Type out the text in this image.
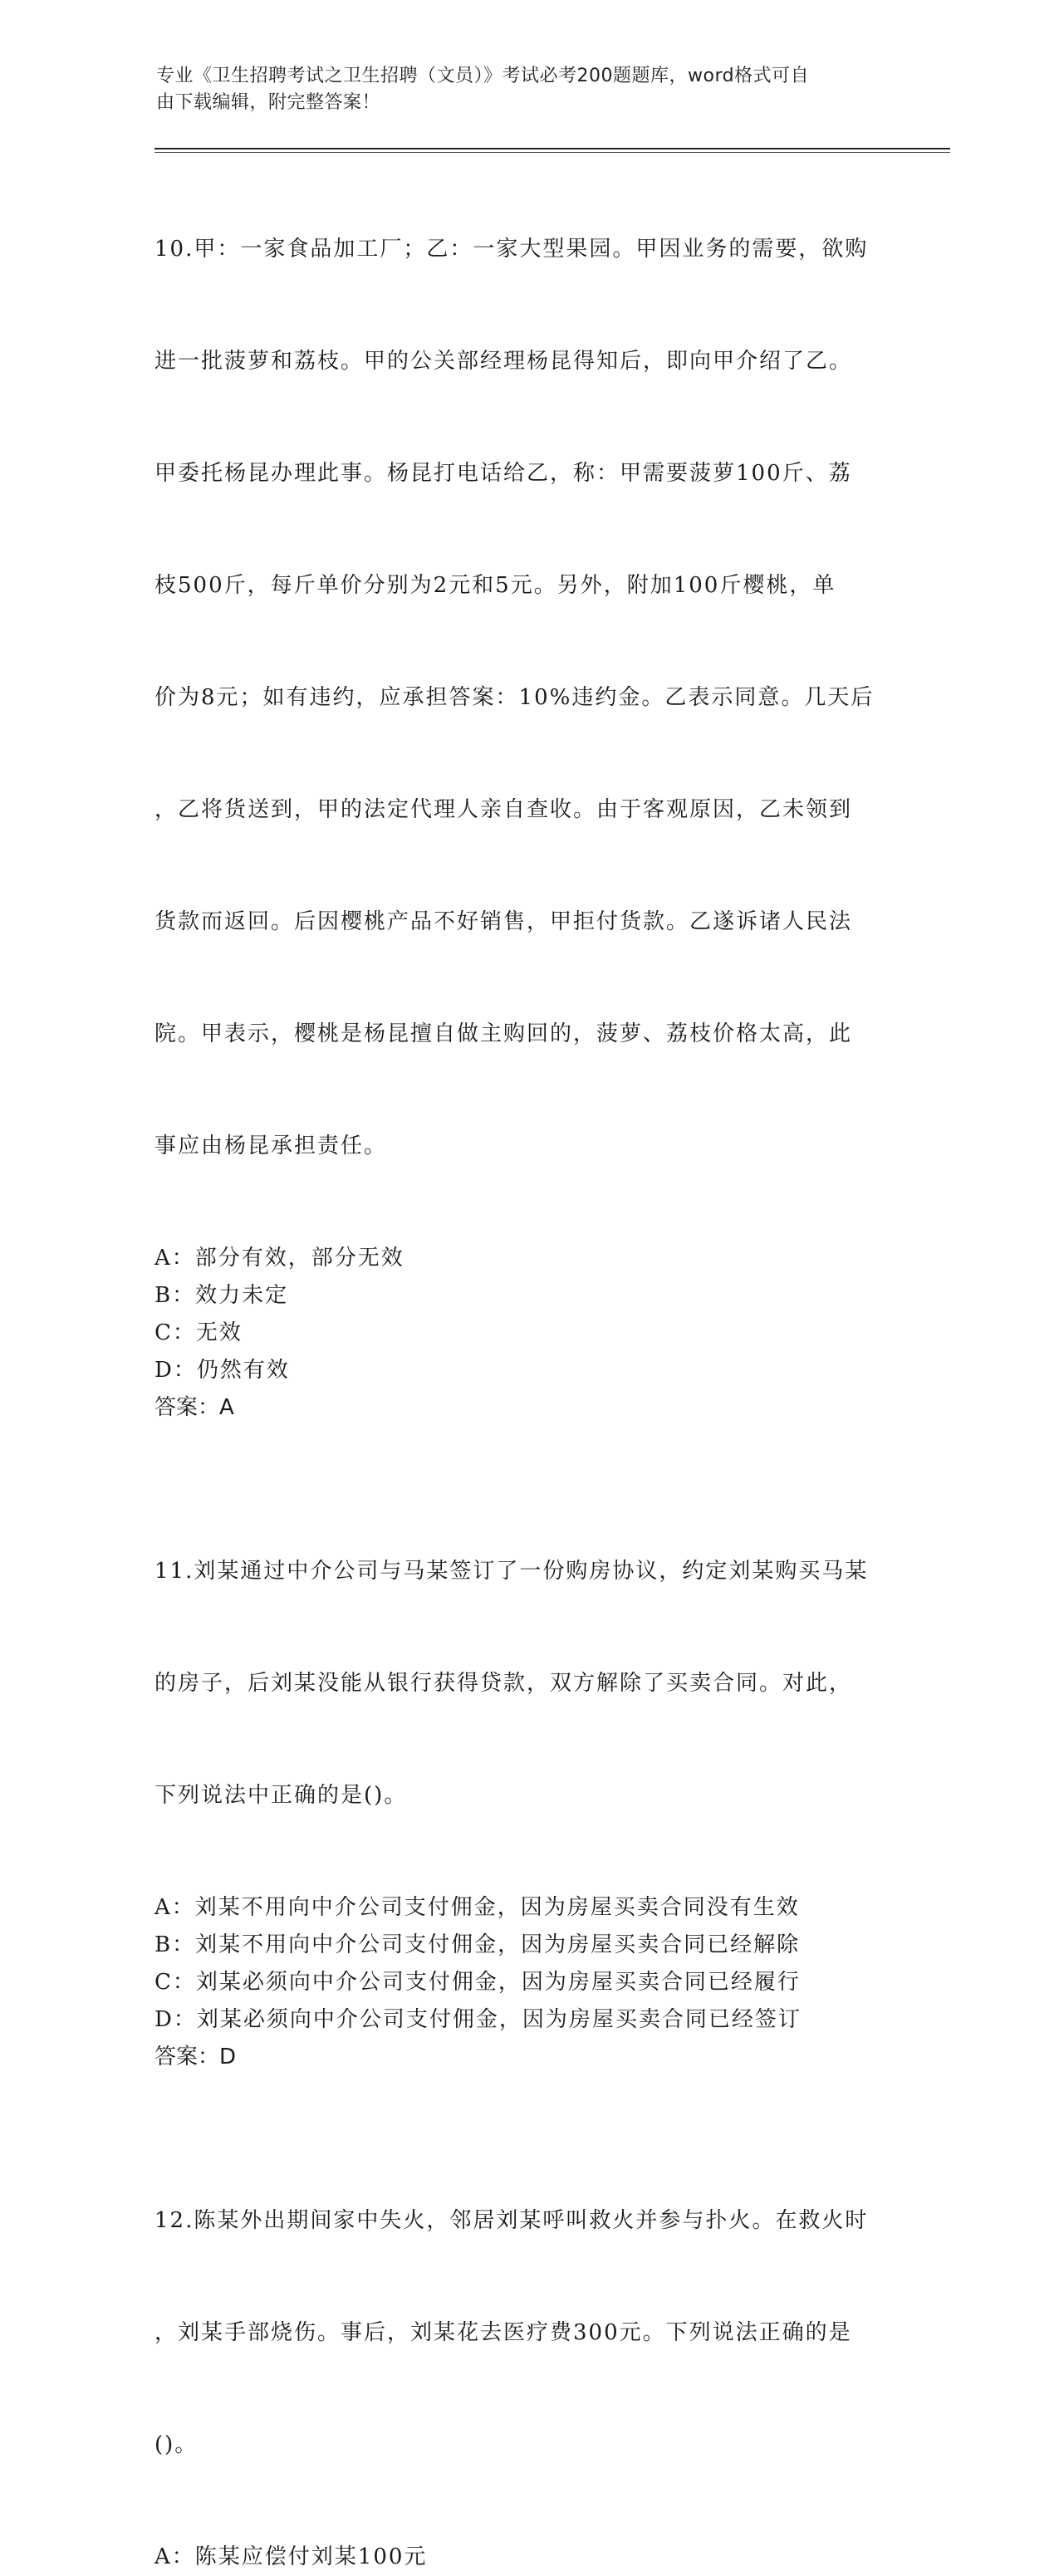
专业《卫生招聘考试之卫生招聘（文员）》考试必考200题题库，word格式可自
由下载编辑，附完整答案！

10.甲：一家食品加工厂；乙：一家大型果园。甲因业务的需要，欲购

进一批菠萝和荔枝。甲的公关部经理杨昆得知后，即向甲介绍了乙。

甲委托杨昆办理此事。杨昆打电话给乙，称：甲需要菠萝100斤、荔

枝500斤，每斤单价分别为2元和5元。另外，附加100斤樱桃，单

价为8元；如有违约，应承担答案：10%违约金。乙表示同意。几天后

，乙将货送到，甲的法定代理人亲自查收。由于客观原因，乙未领到

货款而返回。后因樱桃产品不好销售，甲拒付货款。乙遂诉诸人民法

院。甲表示，樱桃是杨昆擅自做主购回的，菠萝、荔枝价格太高，此

事应由杨昆承担责任。

A：部分有效，部分无效
B：效力未定
C：无效
D：仍然有效
答案：A

11.刘某通过中介公司与马某签订了一份购房协议，约定刘某购买马某

的房子，后刘某没能从银行获得贷款，双方解除了买卖合同。对此，

下列说法中正确的是()。

A：刘某不用向中介公司支付佣金，因为房屋买卖合同没有生效
B：刘某不用向中介公司支付佣金，因为房屋买卖合同已经解除
C：刘某必须向中介公司支付佣金，因为房屋买卖合同已经履行
D：刘某必须向中介公司支付佣金，因为房屋买卖合同已经签订
答案：D

12.陈某外出期间家中失火，邻居刘某呼叫救火并参与扑火。在救火时

，刘某手部烧伤。事后，刘某花去医疗费300元。下列说法正确的是

()。

A：陈某应偿付刘某100元
